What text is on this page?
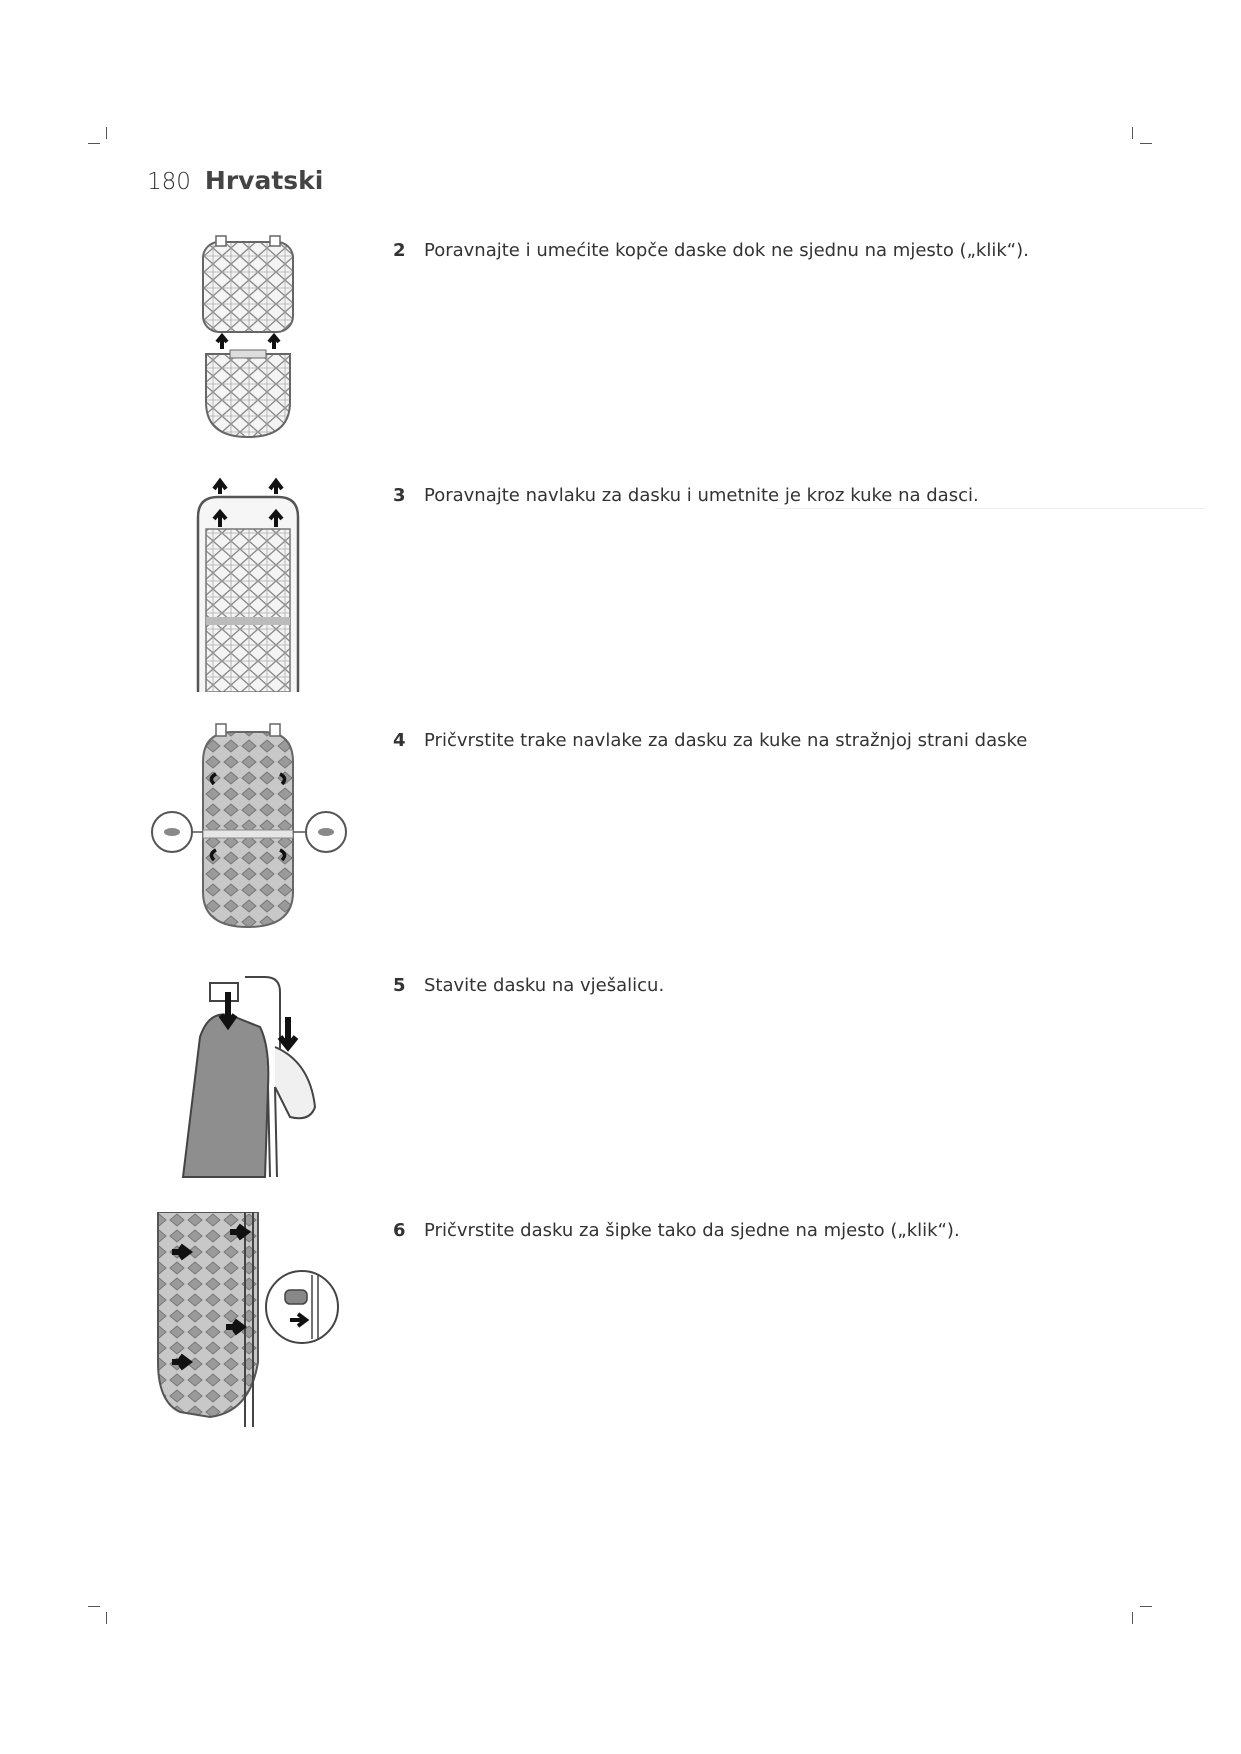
180 Hrvatski
2 Poravnajte i umećite kopče daske dok ne sjednu na mjesto („klik“).
3 Poravnajte navlaku za dasku i umetnite je kroz kuke na dasci.
4 Pričvrstite trake navlake za dasku za kuke na stražnjoj strani daske
5 Stavite dasku na vješalicu.
6 Pričvrstite dasku za šipke tako da sjedne na mjesto („klik“).
